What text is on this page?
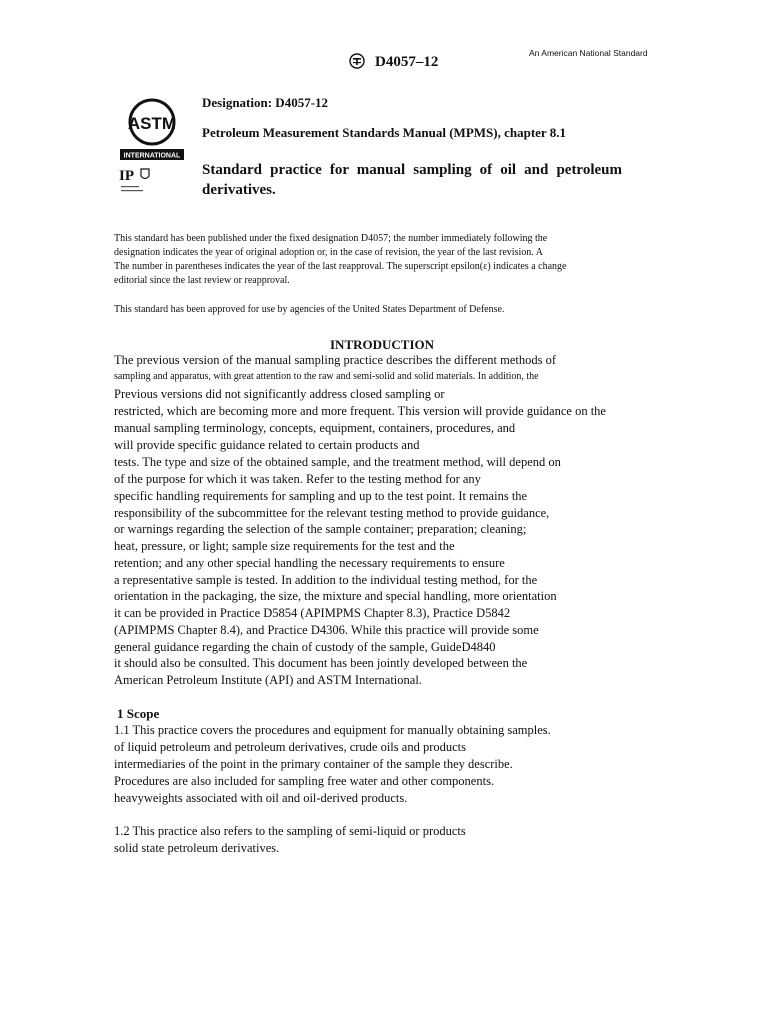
D4057–12
An American National Standard
ASTM
INTERNATIONAL
IP
Designation: D4057-12
Petroleum Measurement Standards Manual (MPMS), chapter 8.1
Standard practice for manual sampling of oil and petroleum derivatives.
This standard has been published under the fixed designation D4057; the number immediately following the
designation indicates the year of original adoption or, in the case of revision, the year of the last revision. A
The number in parentheses indicates the year of the last reapproval. The superscript epsilon(ε) indicates a change
editorial since the last review or reapproval.
This standard has been approved for use by agencies of the United States Department of Defense.
INTRODUCTION
The previous version of the manual sampling practice describes the different methods of
sampling and apparatus, with great attention to the raw and semi-solid and solid materials. In addition, the
Previous versions did not significantly address closed sampling or
restricted, which are becoming more and more frequent. This version will provide guidance on the
manual sampling terminology, concepts, equipment, containers, procedures, and
will provide specific guidance related to certain products and
tests. The type and size of the obtained sample, and the treatment method, will depend on
of the purpose for which it was taken. Refer to the testing method for any
specific handling requirements for sampling and up to the test point. It remains the
responsibility of the subcommittee for the relevant testing method to provide guidance,
or warnings regarding the selection of the sample container; preparation; cleaning;
heat, pressure, or light; sample size requirements for the test and the
retention; and any other special handling the necessary requirements to ensure
a representative sample is tested. In addition to the individual testing method, for the
orientation in the packaging, the size, the mixture and special handling, more orientation
it can be provided in Practice D5854 (APIMPMS Chapter 8.3), Practice D5842
(APIMPMS Chapter 8.4), and Practice D4306. While this practice will provide some
general guidance regarding the chain of custody of the sample, GuideD4840
it should also be consulted. This document has been jointly developed between the
American Petroleum Institute (API) and ASTM International.
1 Scope
1.1 This practice covers the procedures and equipment for manually obtaining samples.
of liquid petroleum and petroleum derivatives, crude oils and products
intermediaries of the point in the primary container of the sample they describe.
Procedures are also included for sampling free water and other components.
heavyweights associated with oil and oil-derived products.
1.2 This practice also refers to the sampling of semi-liquid or products
solid state petroleum derivatives.
